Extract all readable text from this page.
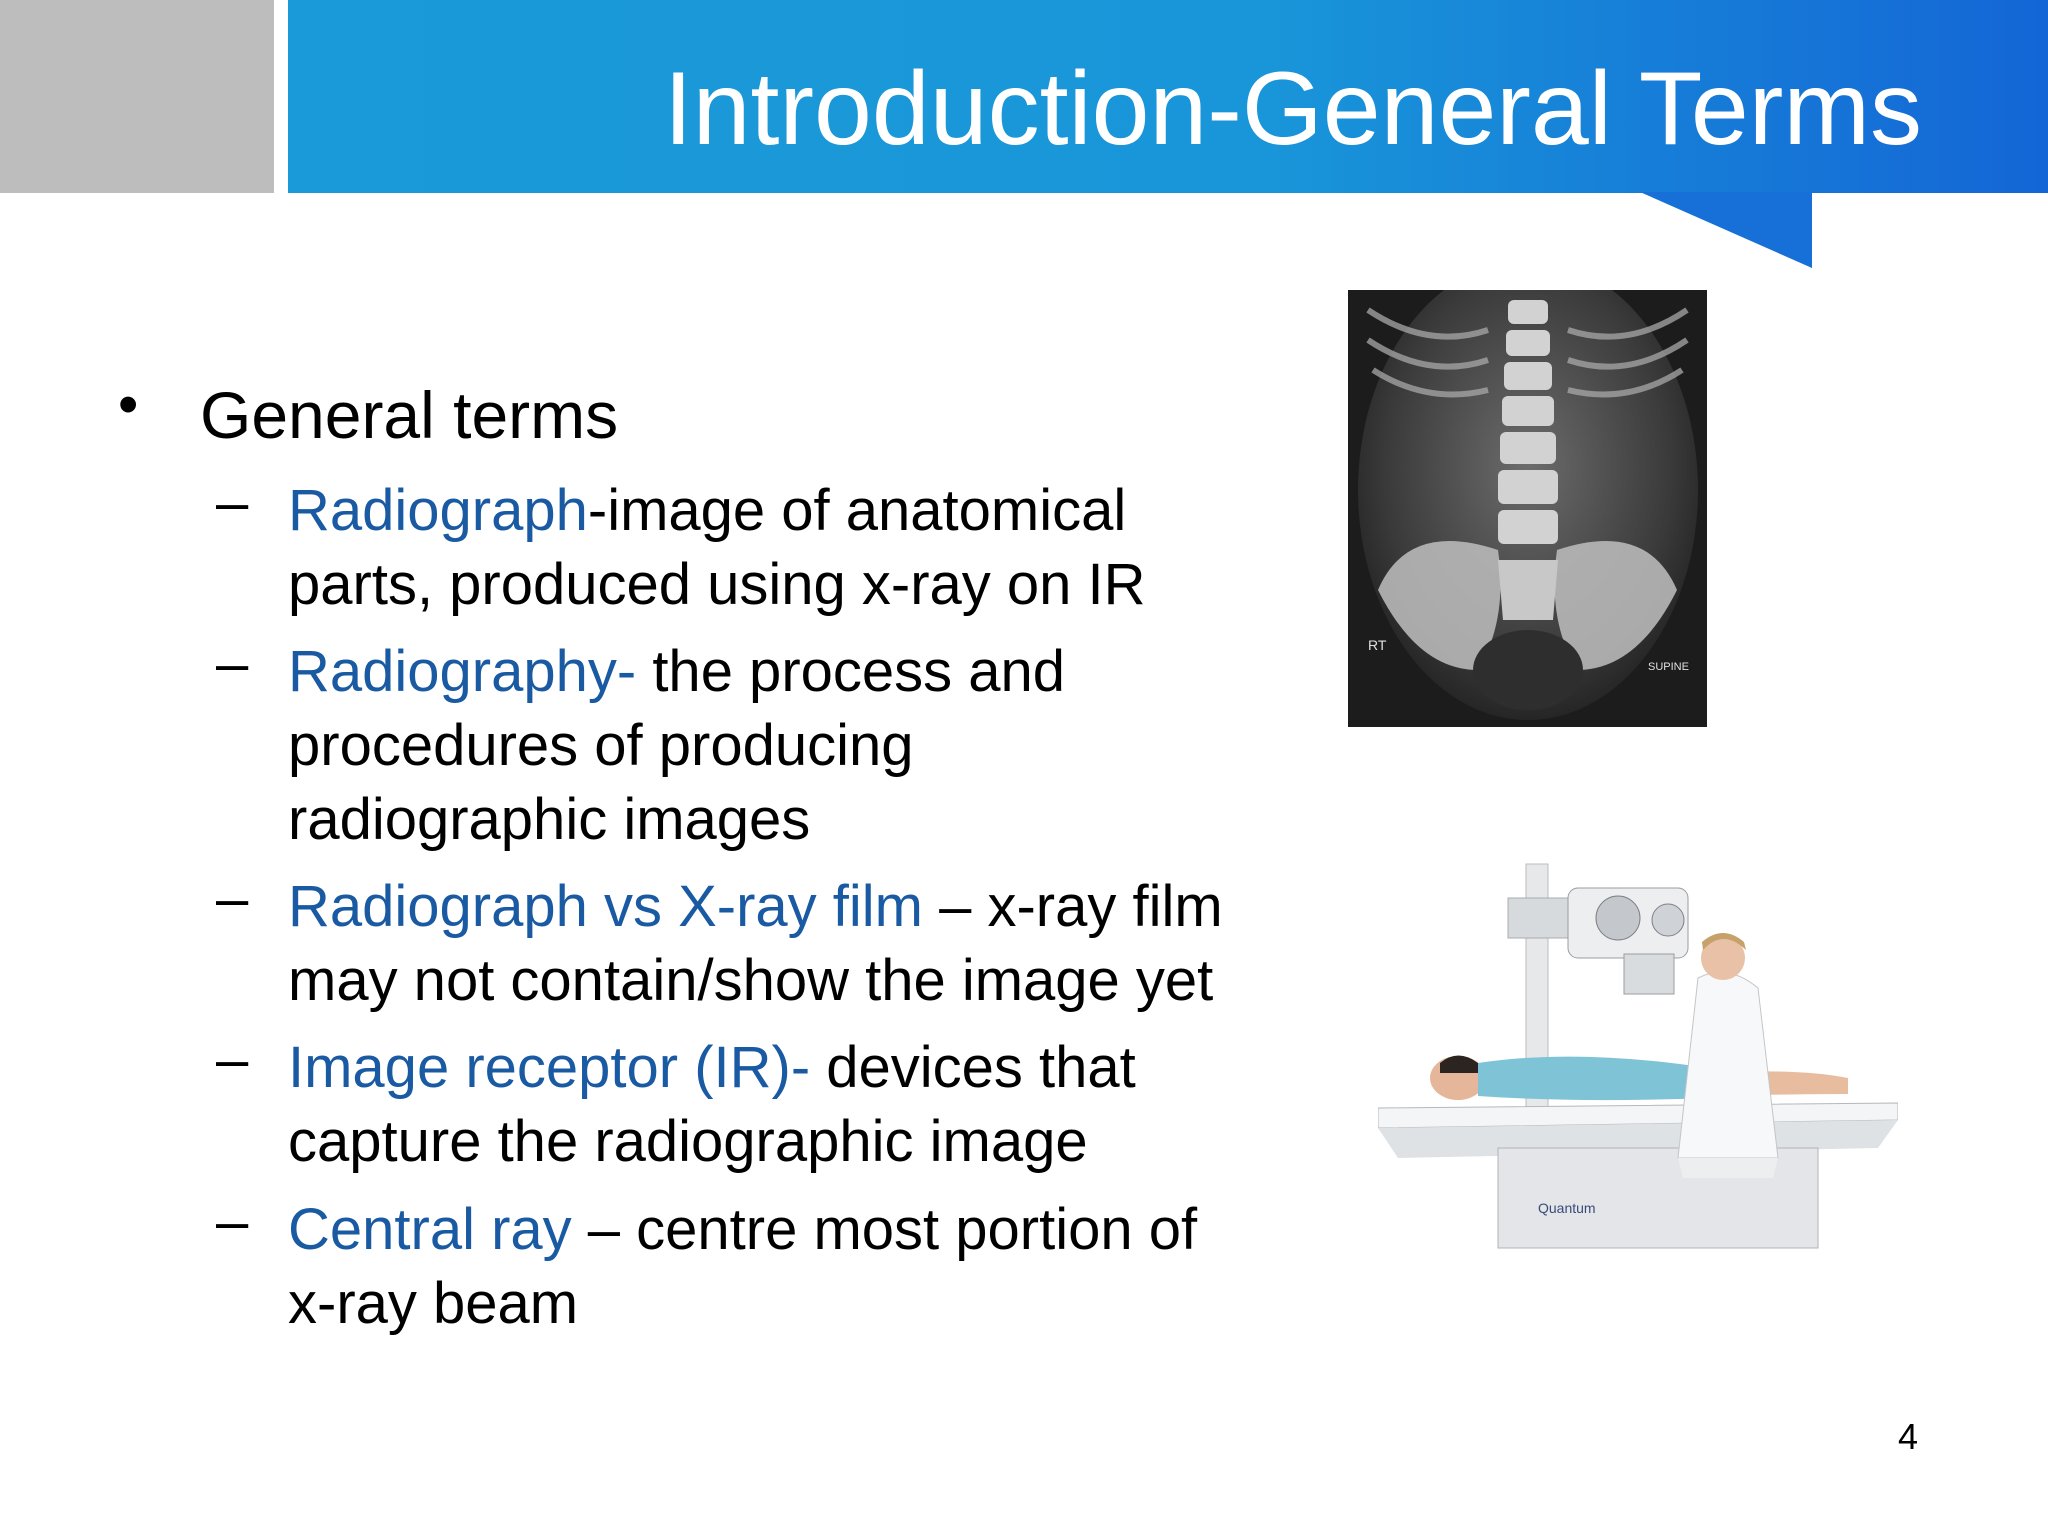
Introduction-General Terms
• General terms
– Radiograph-image of anatomical
parts, produced using x-ray on IR
– Radiography- the process and
procedures of producing
radiographic images
– Radiograph vs X-ray film – x-ray film
may not contain/show the image yet
– Image receptor (IR)- devices that
capture the radiographic image
– Central ray – centre most portion of
x-ray beam
RT
SUPINE
Quantum
4
